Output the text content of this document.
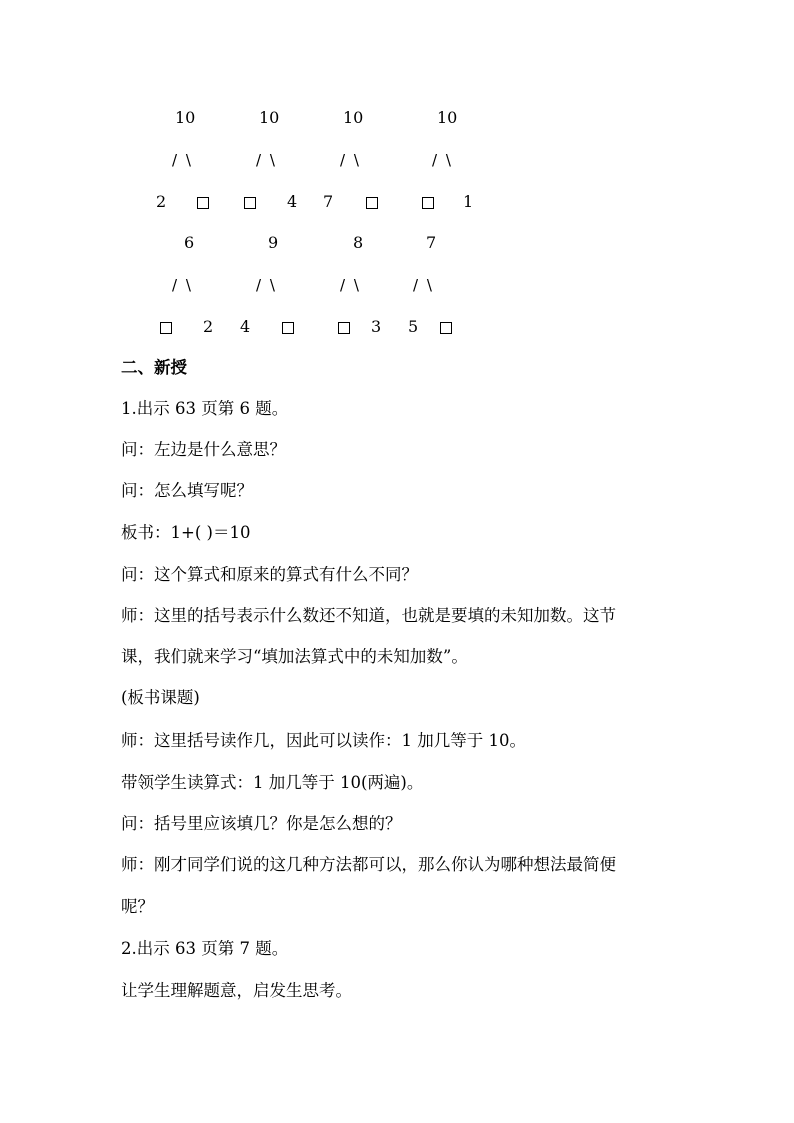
10	10	10	10
/ \	/ \	/ \	/ \
2	4 7	1
6	9	8	7
/ \	/ \	/ \	/ \
2 4	3 5
二、新授
1.出示 63 页第 6 题。
问：左边是什么意思？
问：怎么填写呢？
板书：1+( )＝10
问：这个算式和原来的算式有什么不同？
师：这里的括号表示什么数还不知道，也就是要填的未知加数。这节
课，我们就来学习“填加法算式中的未知加数”。
(板书课题)
师：这里括号读作几，因此可以读作：1 加几等于 10。
带领学生读算式：1 加几等于 10(两遍)。
问：括号里应该填几？你是怎么想的？
师：刚才同学们说的这几种方法都可以，那么你认为哪种想法最简便
呢？
2.出示 63 页第 7 题。
让学生理解题意，启发生思考。
